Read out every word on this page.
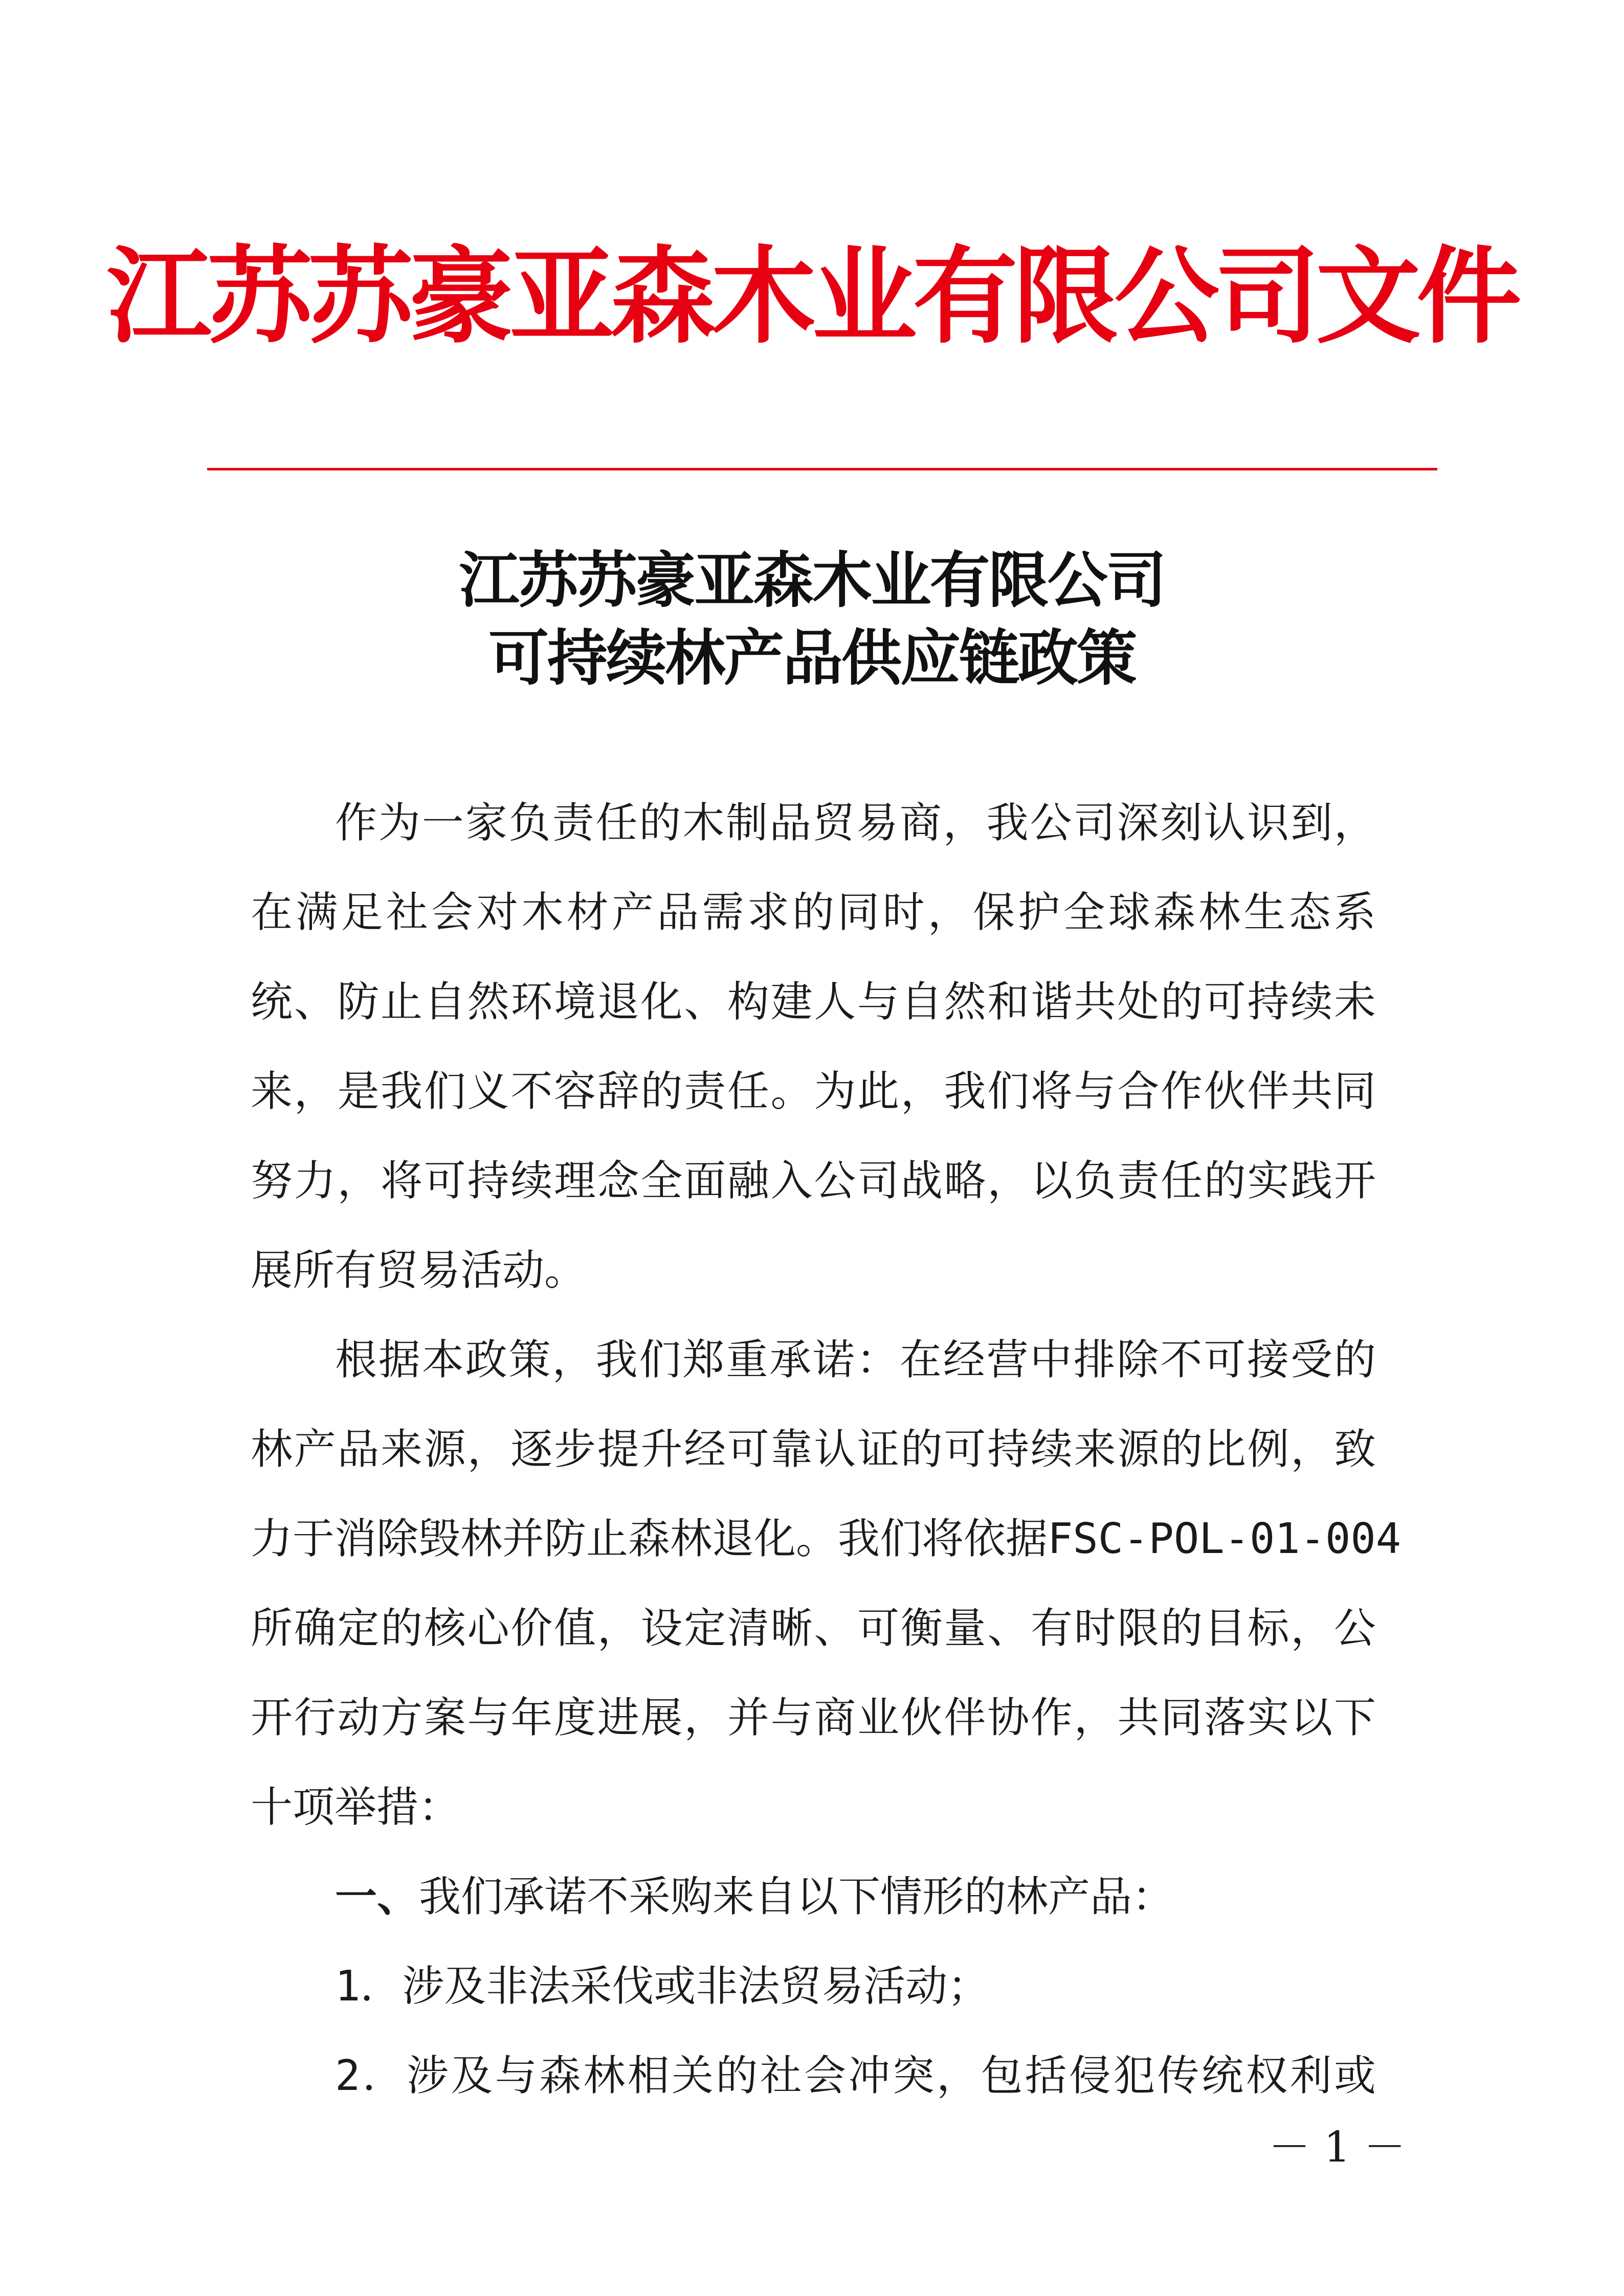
江苏苏豪亚森木业有限公司文件
江苏苏豪亚森木业有限公司
可持续林产品供应链政策
作为一家负责任的木制品贸易商，我公司深刻认识到，
在满足社会对木材产品需求的同时，保护全球森林生态系
统、防止自然环境退化、构建人与自然和谐共处的可持续未
来，是我们义不容辞的责任。为此，我们将与合作伙伴共同
努力，将可持续理念全面融入公司战略，以负责任的实践开
展所有贸易活动。
根据本政策，我们郑重承诺：在经营中排除不可接受的
林产品来源，逐步提升经可靠认证的可持续来源的比例，致
力于消除毁林并防止森林退化。我们将依据FSC-POL-01-004
所确定的核心价值，设定清晰、可衡量、有时限的目标，公
开行动方案与年度进展，并与商业伙伴协作，共同落实以下
十项举措：
一、我们承诺不采购来自以下情形的林产品：
1．涉及非法采伐或非法贸易活动；
2．涉及与森林相关的社会冲突，包括侵犯传统权利或
－ 1 －
